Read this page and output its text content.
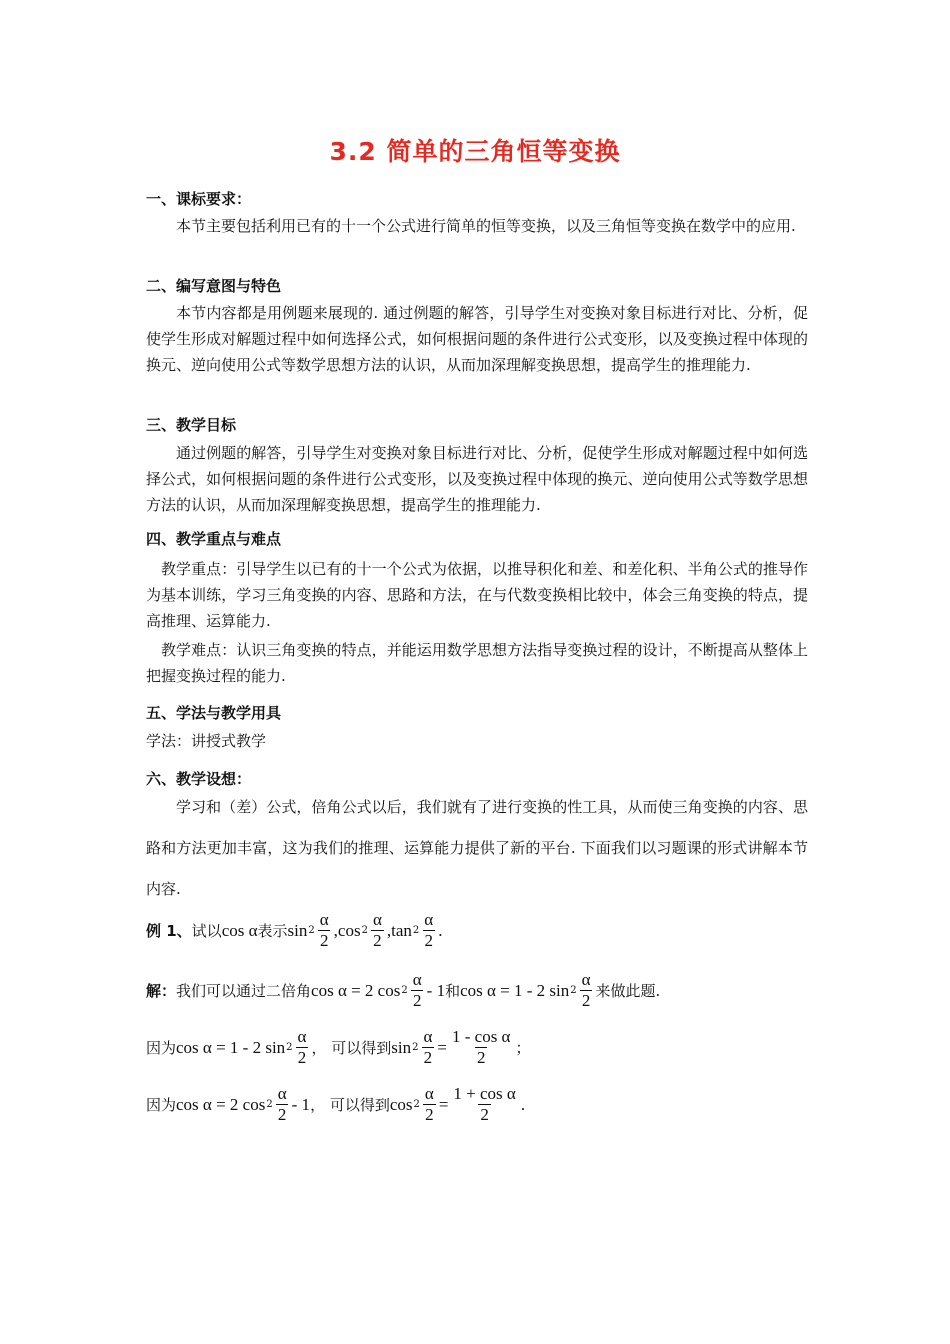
3.2 简单的三角恒等变换
一、课标要求：
本节主要包括利用已有的十一个公式进行简单的恒等变换，以及三角恒等变换在数学中的应用.
二、编写意图与特色
本节内容都是用例题来展现的. 通过例题的解答，引导学生对变换对象目标进行对比、分析，促使学生形成对解题过程中如何选择公式，如何根据问题的条件进行公式变形，以及变换过程中体现的换元、逆向使用公式等数学思想方法的认识，从而加深理解变换思想，提高学生的推理能力.
三、教学目标
通过例题的解答，引导学生对变换对象目标进行对比、分析，促使学生形成对解题过程中如何选择公式，如何根据问题的条件进行公式变形，以及变换过程中体现的换元、逆向使用公式等数学思想方法的认识，从而加深理解变换思想，提高学生的推理能力.
四、教学重点与难点
教学重点：引导学生以已有的十一个公式为依据，以推导积化和差、和差化积、半角公式的推导作为基本训练，学习三角变换的内容、思路和方法，在与代数变换相比较中，体会三角变换的特点，提高推理、运算能力.
教学难点：认识三角变换的特点，并能运用数学思想方法指导变换过程的设计，不断提高从整体上把握变换过程的能力.
五、学法与教学用具
学法：讲授式教学
六、教学设想：
学习和（差）公式，倍角公式以后，我们就有了进行变换的性工具，从而使三角变换的内容、思路和方法更加丰富，这为我们的推理、运算能力提供了新的平台. 下面我们以习题课的形式讲解本节内容.
例 1、 试以 cos α 表示 $\sin 2 \frac{\alpha}{2}$ , $\cos 2 \frac{\alpha}{2}$ , $\tan 2 \frac{\alpha}{2}$ .
解： 我们可以通过二倍角 cos α = 2 $\cos 2 \frac{\alpha}{2} - 1$ 和 cos α = 1 - 2 $\sin 2 \frac{\alpha}{2}$ 来做此题.
因为 cos α = 1 - 2 $\sin 2 \frac{\alpha}{2}$ ， 可以得到 $\sin 2 \frac{\alpha}{2} = \frac{\text{1 - cos α}}{2}$ ；
因为 cos α = 2 $\cos 2 \frac{\alpha}{2} - 1$ ， 可以得到 $\cos 2 \frac{\alpha}{2} = \frac{\text{1 + cos α}}{2}$ .
